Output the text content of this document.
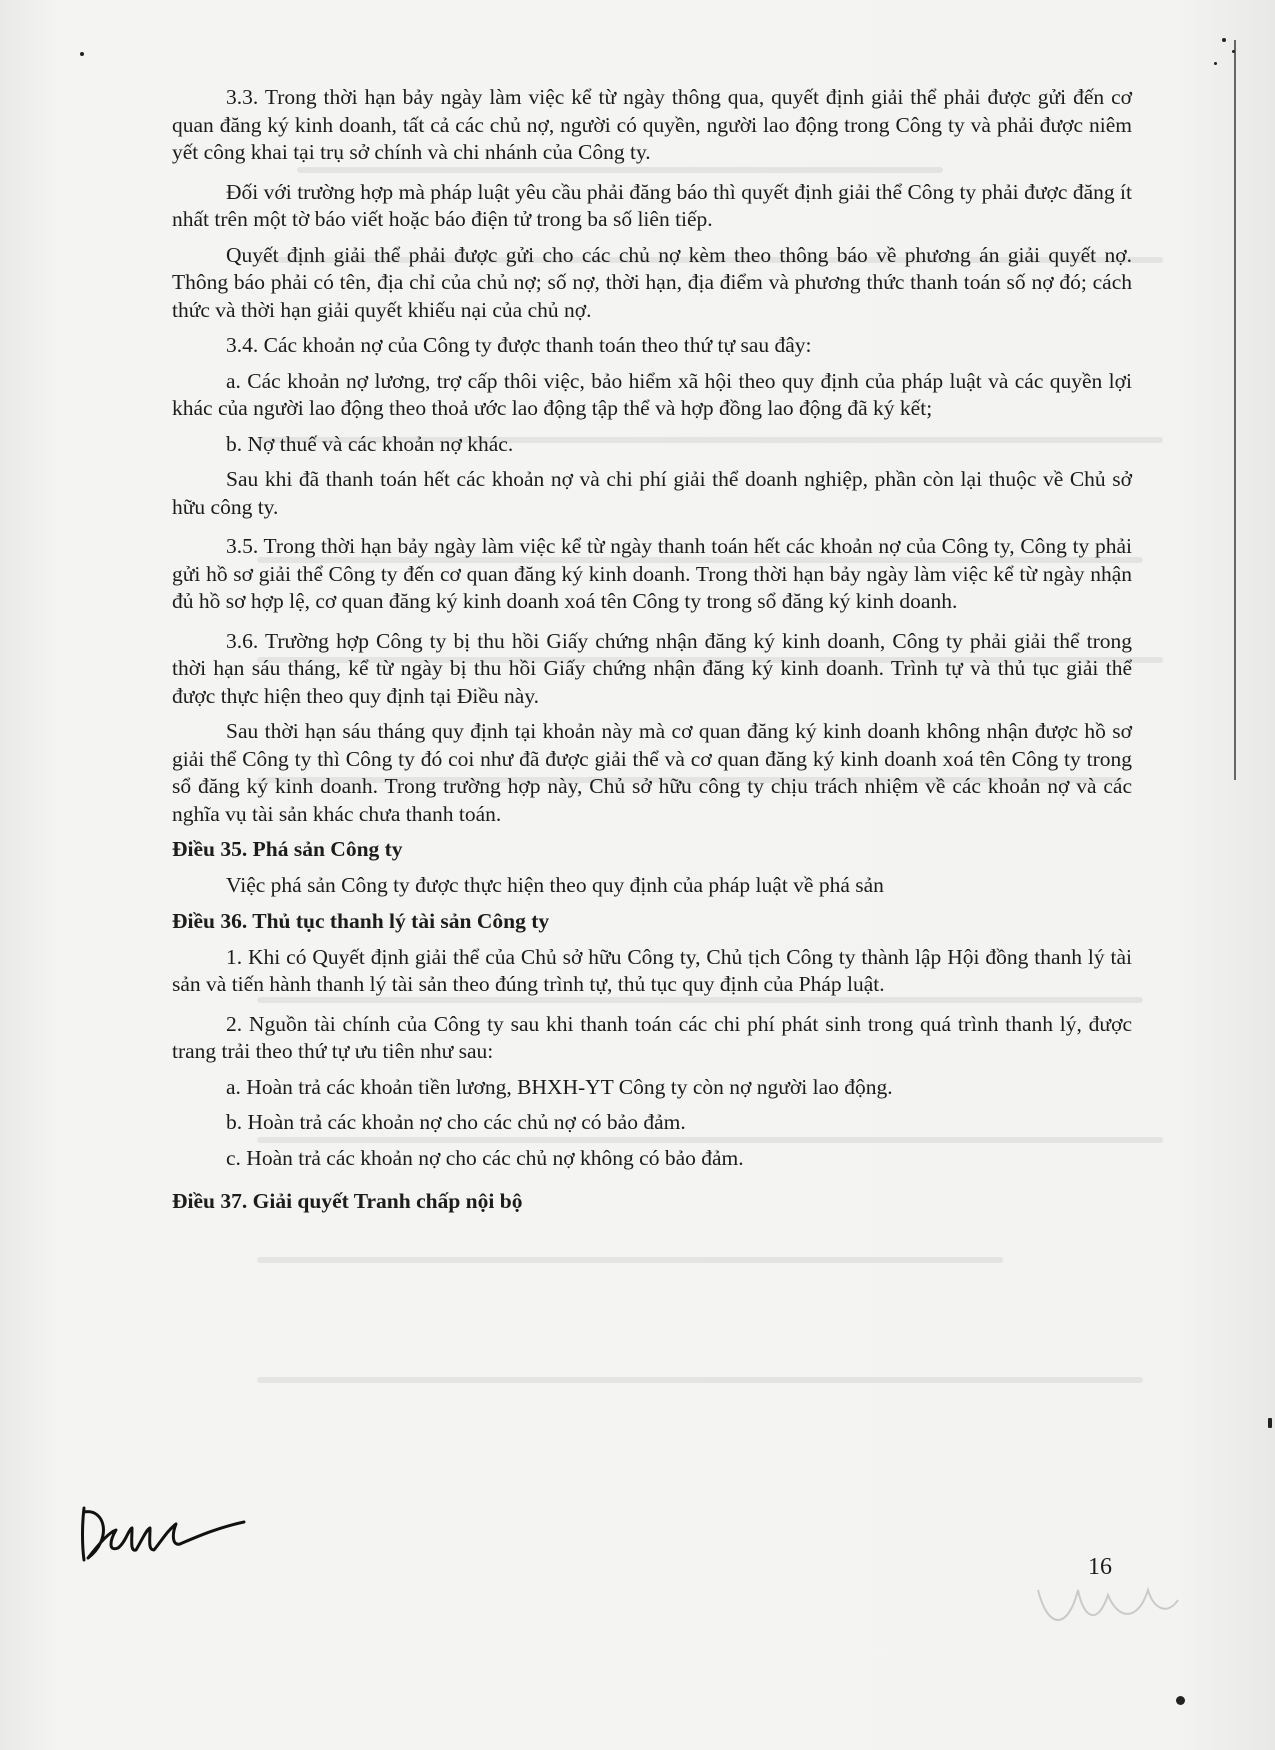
3.3. Trong thời hạn bảy ngày làm việc kể từ ngày thông qua, quyết định giải thể phải được gửi đến cơ quan đăng ký kinh doanh, tất cả các chủ nợ, người có quyền, người lao động trong Công ty và phải được niêm yết công khai tại trụ sở chính và chi nhánh của Công ty.

Đối với trường hợp mà pháp luật yêu cầu phải đăng báo thì quyết định giải thể Công ty phải được đăng ít nhất trên một tờ báo viết hoặc báo điện tử trong ba số liên tiếp.

Quyết định giải thể phải được gửi cho các chủ nợ kèm theo thông báo về phương án giải quyết nợ. Thông báo phải có tên, địa chỉ của chủ nợ; số nợ, thời hạn, địa điểm và phương thức thanh toán số nợ đó; cách thức và thời hạn giải quyết khiếu nại của chủ nợ.

3.4. Các khoản nợ của Công ty được thanh toán theo thứ tự sau đây:

a. Các khoản nợ lương, trợ cấp thôi việc, bảo hiểm xã hội theo quy định của pháp luật và các quyền lợi khác của người lao động theo thoả ước lao động tập thể và hợp đồng lao động đã ký kết;

b. Nợ thuế và các khoản nợ khác.

Sau khi đã thanh toán hết các khoản nợ và chi phí giải thể doanh nghiệp, phần còn lại thuộc về Chủ sở hữu công ty.

3.5. Trong thời hạn bảy ngày làm việc kể từ ngày thanh toán hết các khoản nợ của Công ty, Công ty phải gửi hồ sơ giải thể Công ty đến cơ quan đăng ký kinh doanh. Trong thời hạn bảy ngày làm việc kể từ ngày nhận đủ hồ sơ hợp lệ, cơ quan đăng ký kinh doanh xoá tên Công ty trong sổ đăng ký kinh doanh.

3.6. Trường hợp Công ty bị thu hồi Giấy chứng nhận đăng ký kinh doanh, Công ty phải giải thể trong thời hạn sáu tháng, kể từ ngày bị thu hồi Giấy chứng nhận đăng ký kinh doanh. Trình tự và thủ tục giải thể được thực hiện theo quy định tại Điều này.

Sau thời hạn sáu tháng quy định tại khoản này mà cơ quan đăng ký kinh doanh không nhận được hồ sơ giải thể Công ty thì Công ty đó coi như đã được giải thể và cơ quan đăng ký kinh doanh xoá tên Công ty trong sổ đăng ký kinh doanh. Trong trường hợp này, Chủ sở hữu công ty chịu trách nhiệm về các khoản nợ và các nghĩa vụ tài sản khác chưa thanh toán.

Điều 35. Phá sản Công ty

Việc phá sản Công ty được thực hiện theo quy định của pháp luật về phá sản

Điều 36. Thủ tục thanh lý tài sản Công ty

1. Khi có Quyết định giải thể của Chủ sở hữu Công ty, Chủ tịch Công ty thành lập Hội đồng thanh lý tài sản và tiến hành thanh lý tài sản theo đúng trình tự, thủ tục quy định của Pháp luật.

2. Nguồn tài chính của Công ty sau khi thanh toán các chi phí phát sinh trong quá trình thanh lý, được trang trải theo thứ tự ưu tiên như sau:

a. Hoàn trả các khoản tiền lương, BHXH-YT Công ty còn nợ người lao động.

b. Hoàn trả các khoản nợ cho các chủ nợ có bảo đảm.

c. Hoàn trả các khoản nợ cho các chủ nợ không có bảo đảm.

Điều 37. Giải quyết Tranh chấp nội bộ
16
